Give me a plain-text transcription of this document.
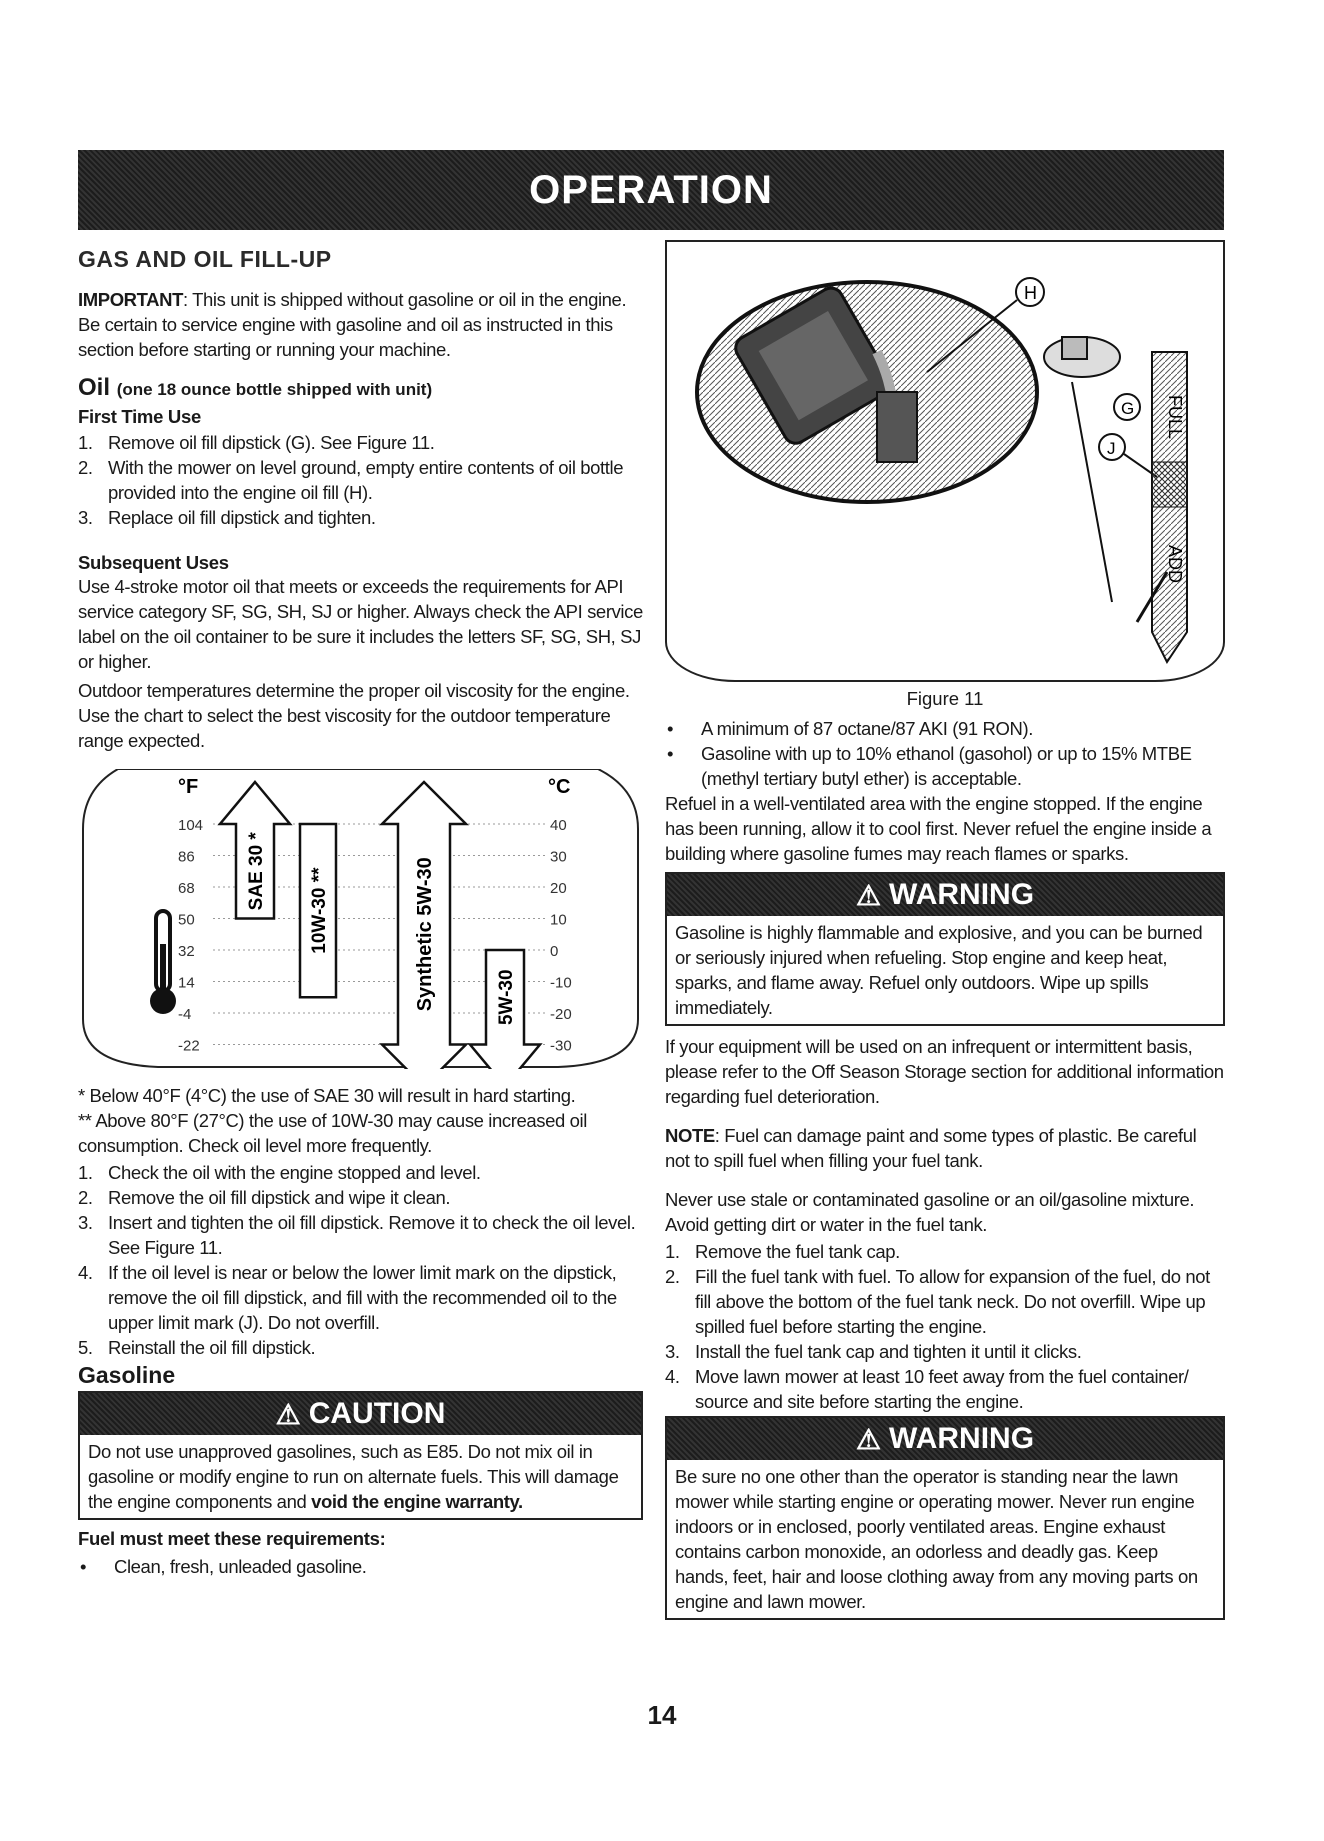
OPERATION
GAS AND OIL FILL-UP

IMPORTANT: This unit is shipped without gasoline or oil in the engine. Be certain to service engine with gasoline and oil as instructed in this section before starting or running your machine.

Oil (one 18 ounce bottle shipped with unit)
First Time Use
1. Remove oil fill dipstick (G). See Figure 11.
2. With the mower on level ground, empty entire contents of oil bottle provided into the engine oil fill (H).
3. Replace oil fill dipstick and tighten.
Subsequent Uses

Use 4-stroke motor oil that meets or exceeds the requirements for API service category SF, SG, SH, SJ or higher. Always check the API service label on the oil container to be sure it includes the letters SF, SG, SH, SJ or higher.

Outdoor temperatures determine the proper oil viscosity for the engine. Use the chart to select the best viscosity for the outdoor temperature range expected.

SAE 30 * 10W-30 **	Synthetic 5W-30	5W-30
104	40
86	30
68	20
50	10
32	0
14	-10
-4	-20
-22	-30
°F	°C

* Below 40°F (4°C) the use of SAE 30 will result in hard starting.

** Above 80°F (27°C) the use of 10W-30 may cause increased oil consumption. Check oil level more frequently.

1. Check the oil with the engine stopped and level.
2. Remove the oil fill dipstick and wipe it clean.
3. Insert and tighten the oil fill dipstick. Remove it to check the oil level. See Figure 11.
4. If the oil level is near or below the lower limit mark on the dipstick, remove the oil fill dipstick, and fill with the recommended oil to the upper limit mark (J). Do not overfill.
5. Reinstall the oil fill dipstick.
Gasoline
⚠ CAUTION

Do not use unapproved gasolines, such as E85. Do not mix oil in gasoline or modify engine to run on alternate fuels. This will damage the engine components and void the engine warranty.

Fuel must meet these requirements:
•	Clean, fresh, unleaded gasoline.
H
G
J
FULL
ADD
Figure 11
•	A minimum of 87 octane/87 AKI (91 RON).
•	Gasoline with up to 10% ethanol (gasohol) or up to 15% MTBE (methyl tertiary butyl ether) is acceptable.

Refuel in a well-ventilated area with the engine stopped. If the engine has been running, allow it to cool first. Never refuel the engine inside a building where gasoline fumes may reach flames or sparks.

⚠ WARNING

Gasoline is highly flammable and explosive, and you can be burned or seriously injured when refueling. Stop engine and keep heat, sparks, and flame away. Refuel only outdoors. Wipe up spills immediately.

If your equipment will be used on an infrequent or intermittent basis, please refer to the Off Season Storage section for additional information regarding fuel deterioration.

NOTE: Fuel can damage paint and some types of plastic. Be careful not to spill fuel when filling your fuel tank.

Never use stale or contaminated gasoline or an oil/gasoline mixture. Avoid getting dirt or water in the fuel tank.

1. Remove the fuel tank cap.
2. Fill the fuel tank with fuel. To allow for expansion of the fuel, do not fill above the bottom of the fuel tank neck. Do not overfill. Wipe up spilled fuel before starting the engine.
3. Install the fuel tank cap and tighten it until it clicks.
4. Move lawn mower at least 10 feet away from the fuel container/ source and site before starting the engine.
⚠ WARNING

Be sure no one other than the operator is standing near the lawn mower while starting engine or operating mower. Never run engine indoors or in enclosed, poorly ventilated areas. Engine exhaust contains carbon monoxide, an odorless and deadly gas. Keep hands, feet, hair and loose clothing away from any moving parts on engine and lawn mower.

14
